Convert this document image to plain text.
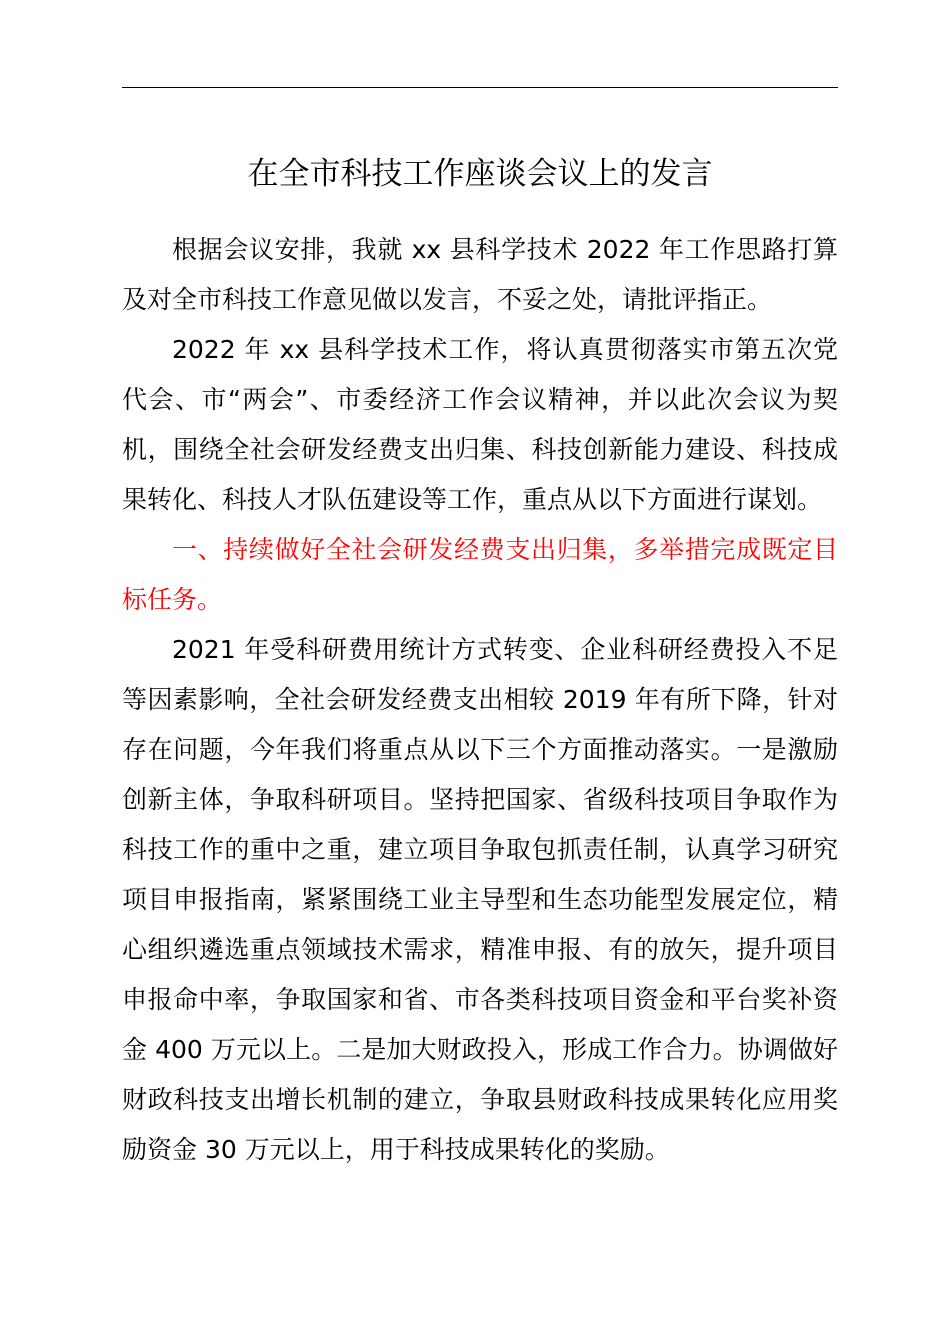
在全市科技工作座谈会议上的发言

根据会议安排，我就 xx 县科学技术 2022 年工作思路打算及对全市科技工作意见做以发言，不妥之处，请批评指正。

2022 年 xx 县科学技术工作，将认真贯彻落实市第五次党代会、市“两会”、市委经济工作会议精神，并以此次会议为契机，围绕全社会研发经费支出归集、科技创新能力建设、科技成果转化、科技人才队伍建设等工作，重点从以下方面进行谋划。

一、持续做好全社会研发经费支出归集，多举措完成既定目标任务。

2021 年受科研费用统计方式转变、企业科研经费投入不足等因素影响，全社会研发经费支出相较 2019 年有所下降，针对存在问题，今年我们将重点从以下三个方面推动落实。一是激励创新主体，争取科研项目。坚持把国家、省级科技项目争取作为科技工作的重中之重，建立项目争取包抓责任制，认真学习研究项目申报指南，紧紧围绕工业主导型和生态功能型发展定位，精心组织遴选重点领域技术需求，精准申报、有的放矢，提升项目申报命中率，争取国家和省、市各类科技项目资金和平台奖补资金 400 万元以上。二是加大财政投入，形成工作合力。协调做好财政科技支出增长机制的建立，争取县财政科技成果转化应用奖励资金 30 万元以上，用于科技成果转化的奖励。
